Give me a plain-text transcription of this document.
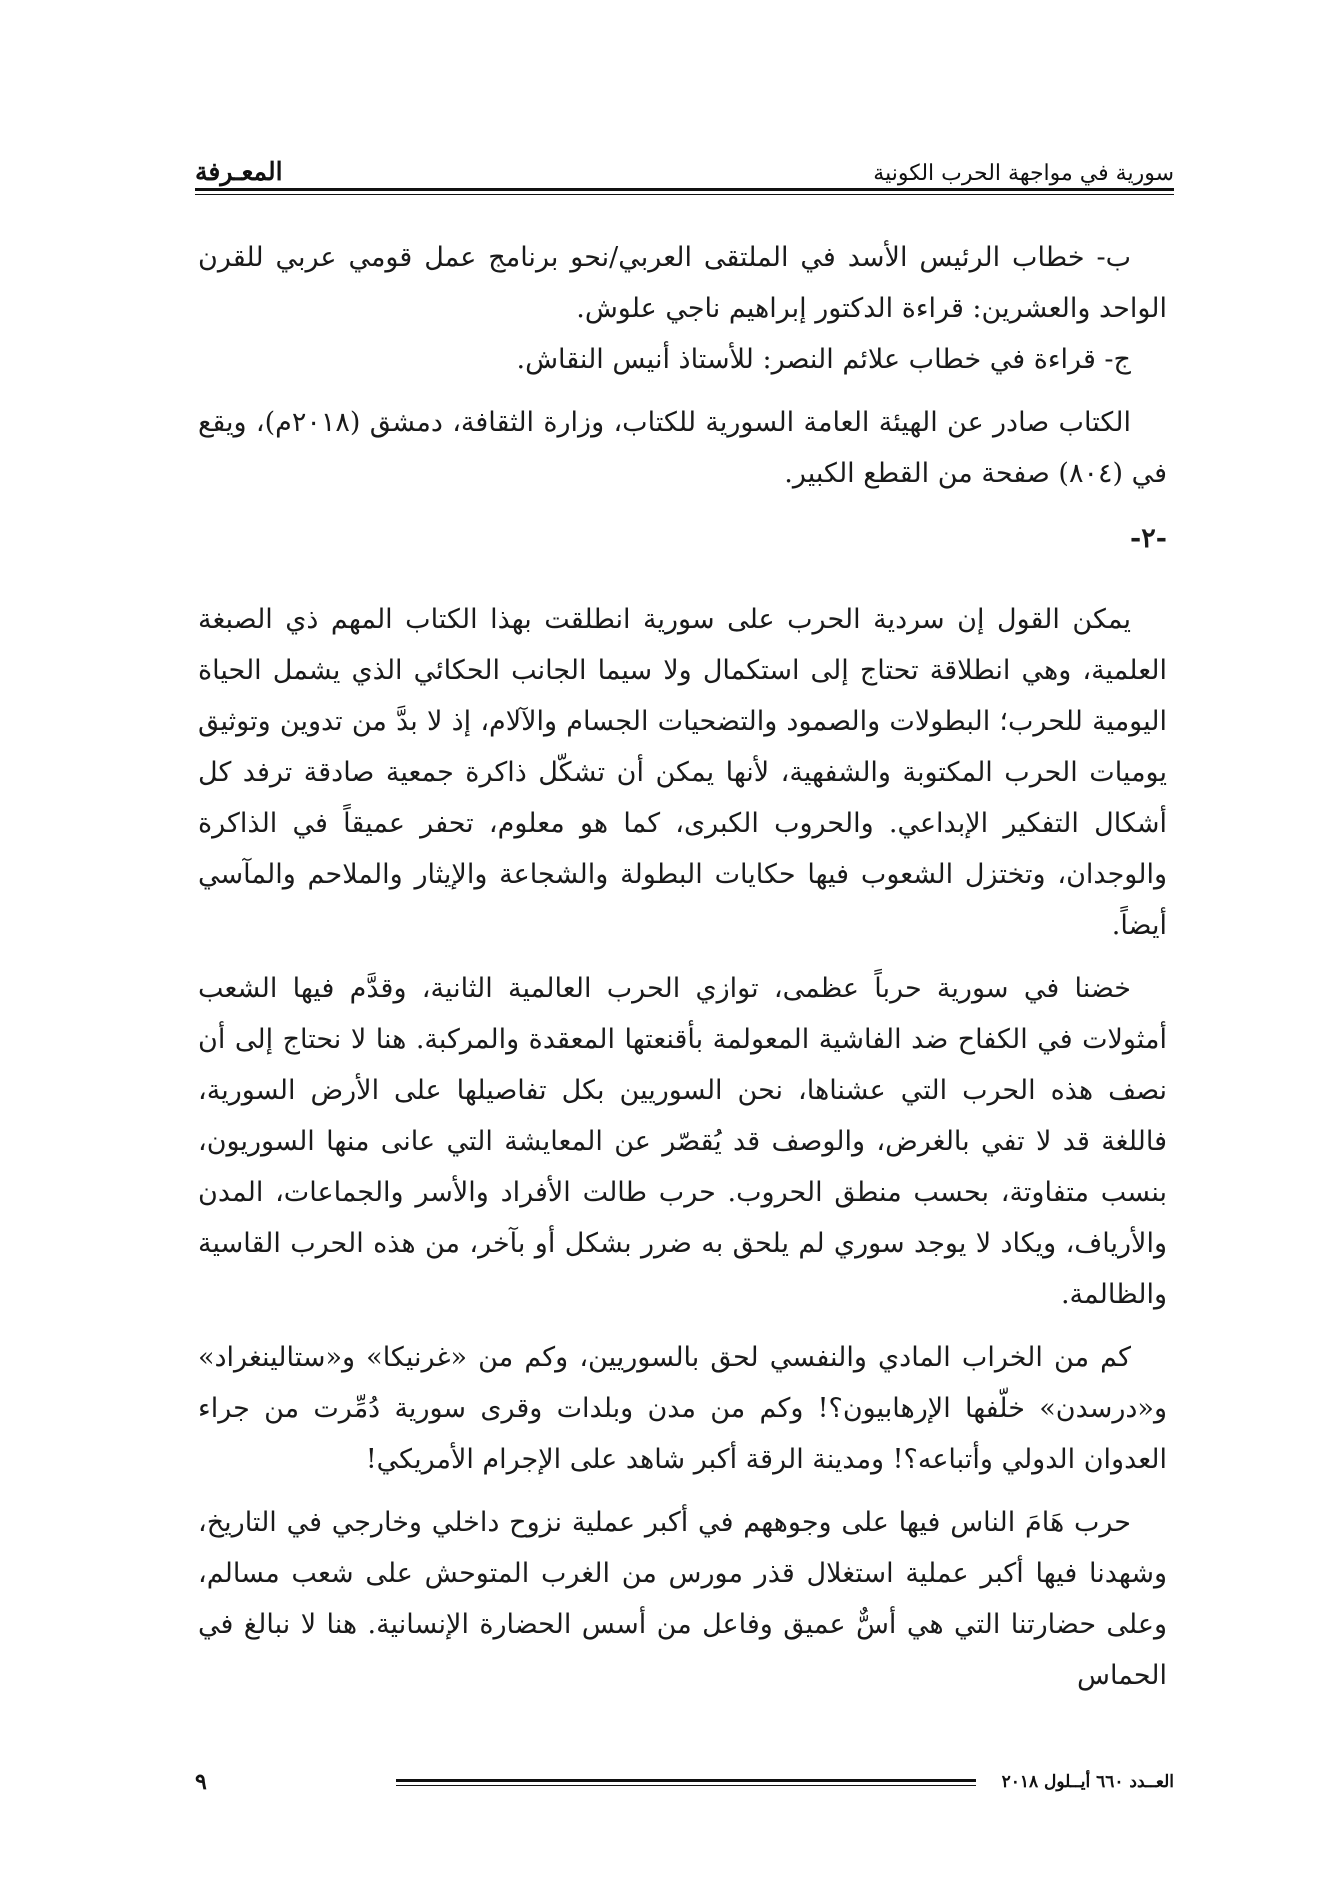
سورية في مواجهة الحرب الكونية
المعـرفة

ب- خطاب الرئيس الأسد في الملتقى العربي/نحو برنامج عمل قومي عربي للقرن الواحد والعشرين: قراءة الدكتور إبراهيم ناجي علوش.

ج- قراءة في خطاب علائم النصر: للأستاذ أنيس النقاش.

الكتاب صادر عن الهيئة العامة السورية للكتاب، وزارة الثقافة، دمشق (٢٠١٨م)، ويقع في (٨٠٤) صفحة من القطع الكبير.

-٢-

يمكن القول إن سردية الحرب على سورية انطلقت بهذا الكتاب المهم ذي الصبغة العلمية، وهي انطلاقة تحتاج إلى استكمال ولا سيما الجانب الحكائي الذي يشمل الحياة اليومية للحرب؛ البطولات والصمود والتضحيات الجسام والآلام، إذ لا بدَّ من تدوين وتوثيق يوميات الحرب المكتوبة والشفهية، لأنها يمكن أن تشكّل ذاكرة جمعية صادقة ترفد كل أشكال التفكير الإبداعي. والحروب الكبرى، كما هو معلوم، تحفر عميقاً في الذاكرة والوجدان، وتختزل الشعوب فيها حكايات البطولة والشجاعة والإيثار والملاحم والمآسي أيضاً.

خضنا في سورية حرباً عظمى، توازي الحرب العالمية الثانية، وقدَّم فيها الشعب أمثولات في الكفاح ضد الفاشية المعولمة بأقنعتها المعقدة والمركبة. هنا لا نحتاج إلى أن نصف هذه الحرب التي عشناها، نحن السوريين بكل تفاصيلها على الأرض السورية، فاللغة قد لا تفي بالغرض، والوصف قد يُقصّر عن المعايشة التي عانى منها السوريون، بنسب متفاوتة، بحسب منطق الحروب. حرب طالت الأفراد والأسر والجماعات، المدن والأرياف، ويكاد لا يوجد سوري لم يلحق به ضرر بشكل أو بآخر، من هذه الحرب القاسية والظالمة.

كم من الخراب المادي والنفسي لحق بالسوريين، وكم من «غرنيكا» و«ستالينغراد» و«درسدن» خلّفها الإرهابيون؟! وكم من مدن وبلدات وقرى سورية دُمِّرت من جراء العدوان الدولي وأتباعه؟! ومدينة الرقة أكبر شاهد على الإجرام الأمريكي!

حرب هَامَ الناس فيها على وجوههم في أكبر عملية نزوح داخلي وخارجي في التاريخ، وشهدنا فيها أكبر عملية استغلال قذر مورس من الغرب المتوحش على شعب مسالم، وعلى حضارتنا التي هي أسٌّ عميق وفاعل من أسس الحضارة الإنسانية. هنا لا نبالغ في الحماس

العــدد ٦٦٠ أيــلول ٢٠١٨
٩
